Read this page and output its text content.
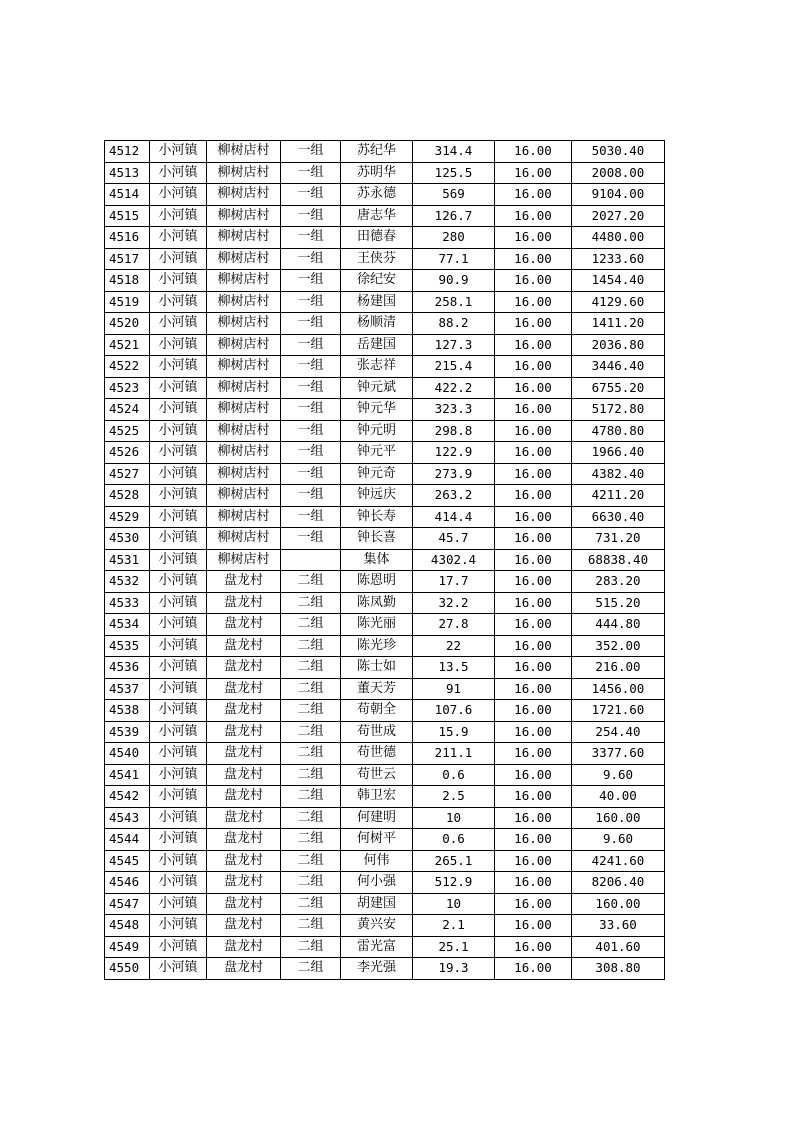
4512	小河镇	柳树店村	一组	苏纪华	314.4	16.00	5030.40
4513	小河镇	柳树店村	一组	苏明华	125.5	16.00	2008.00
4514	小河镇	柳树店村	一组	苏永德	569	16.00	9104.00
4515	小河镇	柳树店村	一组	唐志华	126.7	16.00	2027.20
4516	小河镇	柳树店村	一组	田德春	280	16.00	4480.00
4517	小河镇	柳树店村	一组	王侠芬	77.1	16.00	1233.60
4518	小河镇	柳树店村	一组	徐纪安	90.9	16.00	1454.40
4519	小河镇	柳树店村	一组	杨建国	258.1	16.00	4129.60
4520	小河镇	柳树店村	一组	杨顺清	88.2	16.00	1411.20
4521	小河镇	柳树店村	一组	岳建国	127.3	16.00	2036.80
4522	小河镇	柳树店村	一组	张志祥	215.4	16.00	3446.40
4523	小河镇	柳树店村	一组	钟元斌	422.2	16.00	6755.20
4524	小河镇	柳树店村	一组	钟元华	323.3	16.00	5172.80
4525	小河镇	柳树店村	一组	钟元明	298.8	16.00	4780.80
4526	小河镇	柳树店村	一组	钟元平	122.9	16.00	1966.40
4527	小河镇	柳树店村	一组	钟元奇	273.9	16.00	4382.40
4528	小河镇	柳树店村	一组	钟远庆	263.2	16.00	4211.20
4529	小河镇	柳树店村	一组	钟长寿	414.4	16.00	6630.40
4530	小河镇	柳树店村	一组	钟长喜	45.7	16.00	731.20
4531	小河镇	柳树店村		集体	4302.4	16.00	68838.40
4532	小河镇	盘龙村	二组	陈恩明	17.7	16.00	283.20
4533	小河镇	盘龙村	二组	陈凤勤	32.2	16.00	515.20
4534	小河镇	盘龙村	二组	陈光丽	27.8	16.00	444.80
4535	小河镇	盘龙村	二组	陈光珍	22	16.00	352.00
4536	小河镇	盘龙村	二组	陈士如	13.5	16.00	216.00
4537	小河镇	盘龙村	二组	董天芳	91	16.00	1456.00
4538	小河镇	盘龙村	二组	苟朝全	107.6	16.00	1721.60
4539	小河镇	盘龙村	二组	苟世成	15.9	16.00	254.40
4540	小河镇	盘龙村	二组	苟世德	211.1	16.00	3377.60
4541	小河镇	盘龙村	二组	苟世云	0.6	16.00	9.60
4542	小河镇	盘龙村	二组	韩卫宏	2.5	16.00	40.00
4543	小河镇	盘龙村	二组	何建明	10	16.00	160.00
4544	小河镇	盘龙村	二组	何树平	0.6	16.00	9.60
4545	小河镇	盘龙村	二组	何伟	265.1	16.00	4241.60
4546	小河镇	盘龙村	二组	何小强	512.9	16.00	8206.40
4547	小河镇	盘龙村	二组	胡建国	10	16.00	160.00
4548	小河镇	盘龙村	二组	黄兴安	2.1	16.00	33.60
4549	小河镇	盘龙村	二组	雷光富	25.1	16.00	401.60
4550	小河镇	盘龙村	二组	李光强	19.3	16.00	308.80
